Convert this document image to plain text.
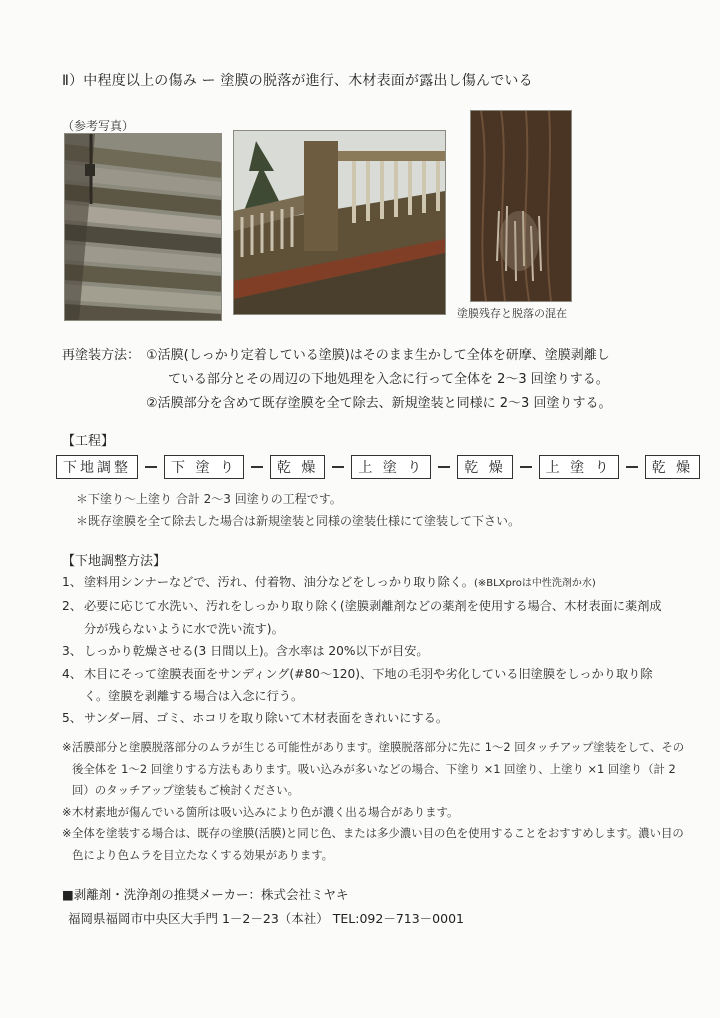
Ⅱ）中程度以上の傷み ー 塗膜の脱落が進行、木材表面が露出し傷んでいる
（参考写真）
塗膜残存と脱落の混在
再塗装方法： ①活膜(しっかり定着している塗膜)はそのまま生かして全体を研摩、塗膜剥離し
ている部分とその周辺の下地処理を入念に行って全体を 2～3 回塗りする。
②活膜部分を含めて既存塗膜を全て除去、新規塗装と同様に 2～3 回塗りする。
【工程】
下地調整	下 塗 り	乾 燥	上 塗 り	乾 燥	上 塗 り	乾 燥
＊下塗り～上塗り 合計 2～3 回塗りの工程です。
＊既存塗膜を全て除去した場合は新規塗装と同様の塗装仕様にて塗装して下さい。
【下地調整方法】
1、 塗料用シンナーなどで、汚れ、付着物、油分などをしっかり取り除く。(※BLXproは中性洗剤か水)
2、 必要に応じて水洗い、汚れをしっかり取り除く(塗膜剥離剤などの薬剤を使用する場合、木材表面に薬剤成分が残らないように水で洗い流す)。
3、 しっかり乾燥させる(3 日間以上)。含水率は 20%以下が目安。
4、 木目にそって塗膜表面をサンディング(#80～120)、下地の毛羽や劣化している旧塗膜をしっかり取り除く。塗膜を剥離する場合は入念に行う。
5、 サンダー屑、ゴミ、ホコリを取り除いて木材表面をきれいにする。
※ 活膜部分と塗膜脱落部分のムラが生じる可能性があります。塗膜脱落部分に先に 1～2 回タッチアップ塗装をして、その後全体を 1～2 回塗りする方法もあります。吸い込みが多いなどの場合、下塗り ×1 回塗り、上塗り ×1 回塗り（計 2 回）のタッチアップ塗装もご検討ください。
※ 木材素地が傷んでいる箇所は吸い込みにより色が濃く出る場合があります。
※ 全体を塗装する場合は、既存の塗膜(活膜)と同じ色、または多少濃い目の色を使用することをおすすめします。濃い目の色により色ムラを目立たなくする効果があります。
■剥離剤・洗浄剤の推奨メーカー：株式会社ミヤキ
福岡県福岡市中央区大手門 1－2－23（本社） TEL:092－713－0001
